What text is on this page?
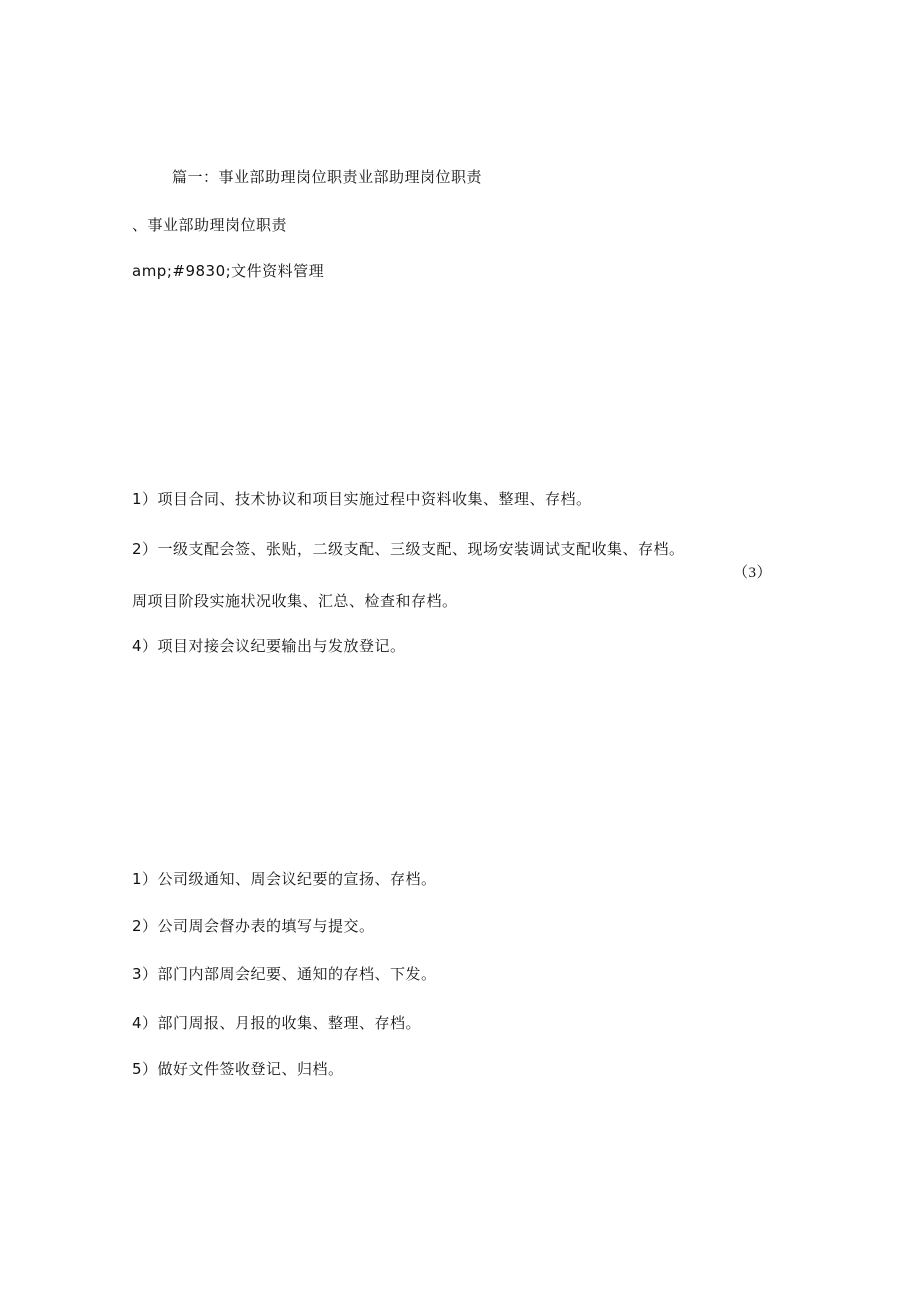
篇一：事业部助理岗位职责业部助理岗位职责
、事业部助理岗位职责
amp;#9830;文件资料管理
1）项目合同、技术协议和项目实施过程中资料收集、整理、存档。
2）一级支配会签、张贴，二级支配、三级支配、现场安装调试支配收集、存档。
（3）
周项目阶段实施状况收集、汇总、检查和存档。
4）项目对接会议纪要输出与发放登记。
1）公司级通知、周会议纪要的宣扬、存档。
2）公司周会督办表的填写与提交。
3）部门内部周会纪要、通知的存档、下发。
4）部门周报、月报的收集、整理、存档。
5）做好文件签收登记、归档。
